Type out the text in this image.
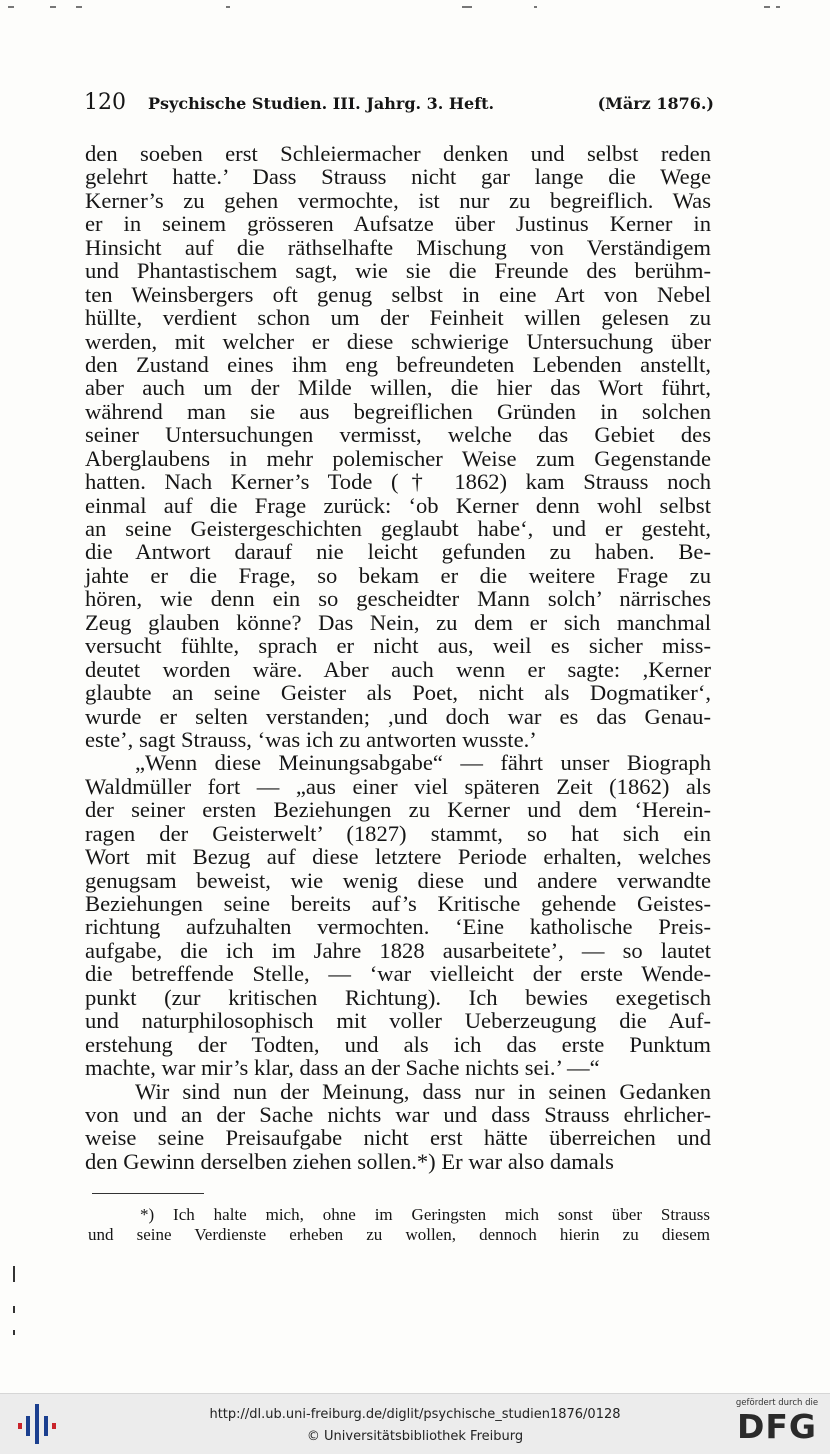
120 Psychische Studien. III. Jahrg. 3. Heft.	(März 1876.)
den soeben erst Schleiermacher denken und selbst reden
gelehrt hatte.’ Dass Strauss nicht gar lange die Wege
Kerner’s zu gehen vermochte, ist nur zu begreiflich. Was
er in seinem grösseren Aufsatze über Justinus Kerner in
Hinsicht auf die räthselhafte Mischung von Verständigem
und Phantastischem sagt, wie sie die Freunde des berühm-
ten Weinsbergers oft genug selbst in eine Art von Nebel
hüllte, verdient schon um der Feinheit willen gelesen zu
werden, mit welcher er diese schwierige Untersuchung über
den Zustand eines ihm eng befreundeten Lebenden anstellt,
aber auch um der Milde willen, die hier das Wort führt,
während man sie aus begreiflichen Gründen in solchen
seiner Untersuchungen vermisst, welche das Gebiet des
Aberglaubens in mehr polemischer Weise zum Gegenstande
hatten. Nach Kerner’s Tode († 1862) kam Strauss noch
einmal auf die Frage zurück: ‘ob Kerner denn wohl selbst
an seine Geistergeschichten geglaubt habe‘, und er gesteht,
die Antwort darauf nie leicht gefunden zu haben. Be-
jahte er die Frage, so bekam er die weitere Frage zu
hören, wie denn ein so gescheidter Mann solch’ närrisches
Zeug glauben könne? Das Nein, zu dem er sich manchmal
versucht fühlte, sprach er nicht aus, weil es sicher miss-
deutet worden wäre. Aber auch wenn er sagte: ,Kerner
glaubte an seine Geister als Poet, nicht als Dogmatiker‘,
wurde er selten verstanden; ,und doch war es das Genau-
este’, sagt Strauss, ‘was ich zu antworten wusste.’
„Wenn diese Meinungsabgabe“ — fährt unser Biograph
Waldmüller fort — „aus einer viel späteren Zeit (1862) als
der seiner ersten Beziehungen zu Kerner und dem ‘Herein-
ragen der Geisterwelt’ (1827) stammt, so hat sich ein
Wort mit Bezug auf diese letztere Periode erhalten, welches
genugsam beweist, wie wenig diese und andere verwandte
Beziehungen seine bereits auf’s Kritische gehende Geistes-
richtung aufzuhalten vermochten. ‘Eine katholische Preis-
aufgabe, die ich im Jahre 1828 ausarbeitete’, — so lautet
die betreffende Stelle, — ‘war vielleicht der erste Wende-
punkt (zur kritischen Richtung). Ich bewies exegetisch
und naturphilosophisch mit voller Ueberzeugung die Auf-
erstehung der Todten, und als ich das erste Punktum
machte, war mir’s klar, dass an der Sache nichts sei.’ —“
Wir sind nun der Meinung, dass nur in seinen Gedanken
von und an der Sache nichts war und dass Strauss ehrlicher-
weise seine Preisaufgabe nicht erst hätte überreichen und
den Gewinn derselben ziehen sollen.*) Er war also damals
*) Ich halte mich, ohne im Geringsten mich sonst über Strauss
und seine Verdienste erheben zu wollen, dennoch hierin zu diesem
http://dl.ub.uni-freiburg.de/diglit/psychische_studien1876/0128
© Universitätsbibliothek Freiburg
gefördert durch die
DFG
